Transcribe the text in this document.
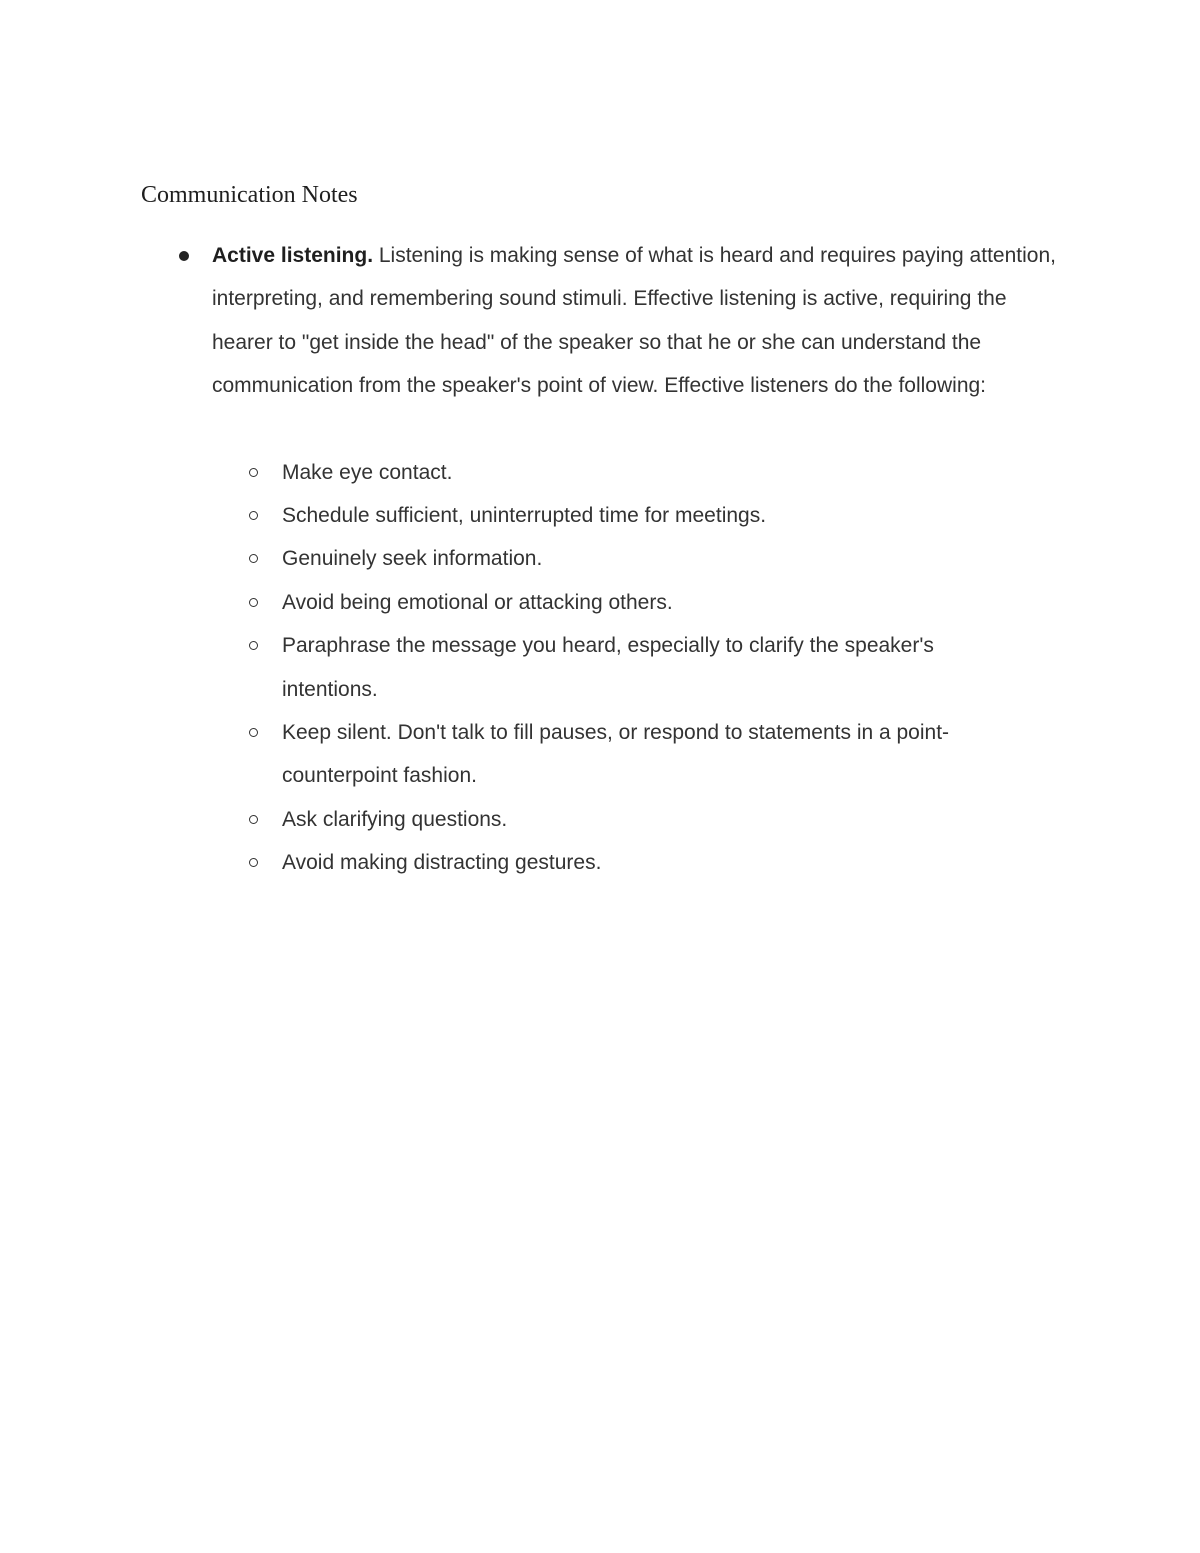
Communication Notes
Active listening. Listening is making sense of what is heard and requires paying attention, interpreting, and remembering sound stimuli. Effective listening is active, requiring the hearer to "get inside the head" of the speaker so that he or she can understand the communication from the speaker's point of view. Effective listeners do the following:
Make eye contact.
Schedule sufficient, uninterrupted time for meetings.
Genuinely seek information.
Avoid being emotional or attacking others.
Paraphrase the message you heard, especially to clarify the speaker's intentions.
Keep silent. Don't talk to fill pauses, or respond to statements in a point-counterpoint fashion.
Ask clarifying questions.
Avoid making distracting gestures.
